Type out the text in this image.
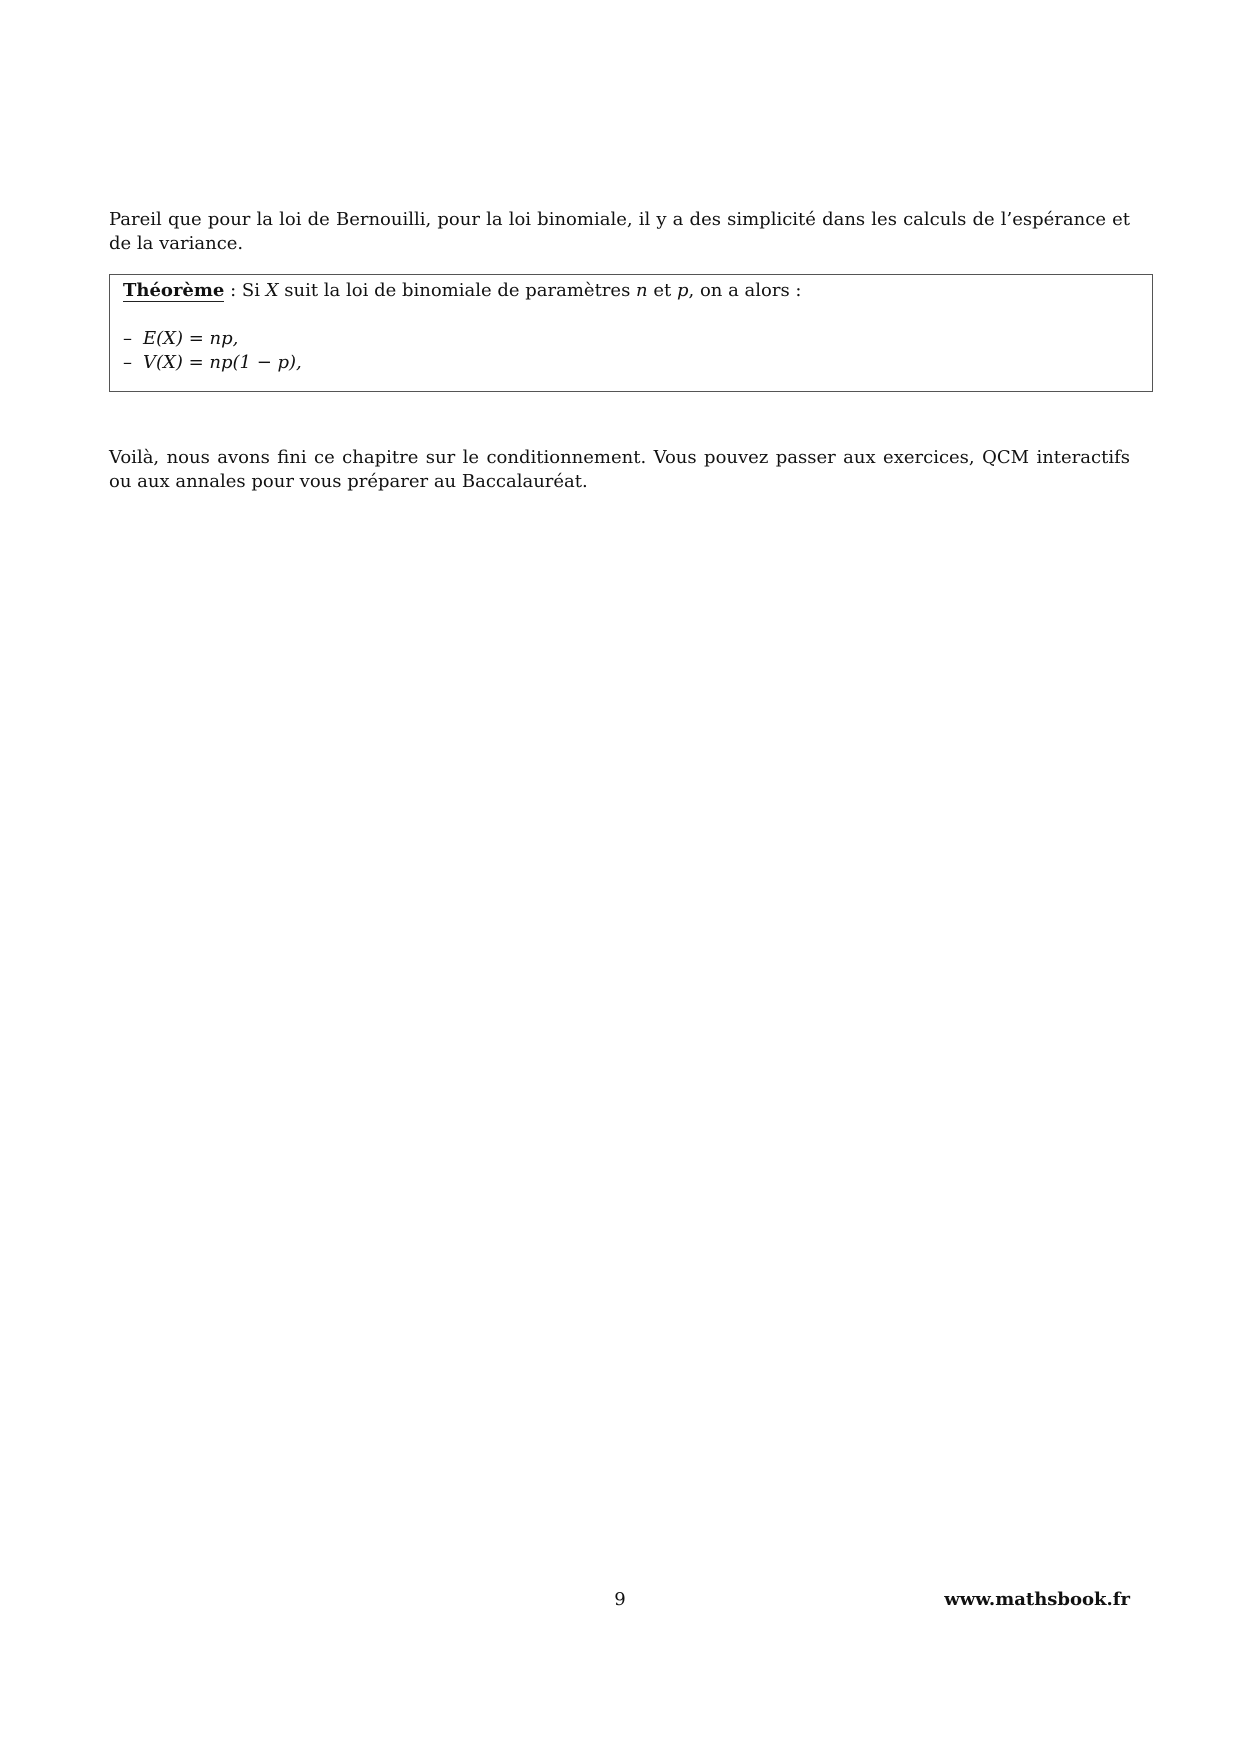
Pareil que pour la loi de Bernouilli, pour la loi binomiale, il y a des simplicité dans les calculs de l’espérance et de la variance.

Théorème : Si X suit la loi de binomiale de paramètres n et p, on a alors :
– E(X) = np,
– V(X) = np(1 − p),

Voilà, nous avons fini ce chapitre sur le conditionnement. Vous pouvez passer aux exercices, QCM interactifs ou aux annales pour vous préparer au Baccalauréat.

9	www.mathsbook.fr
